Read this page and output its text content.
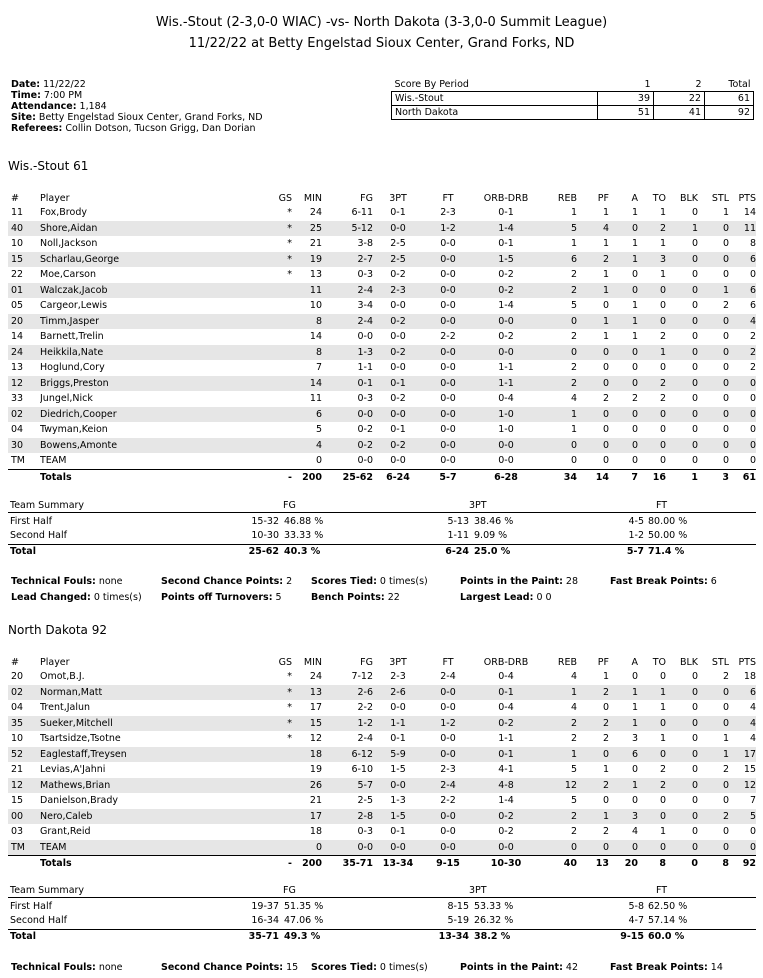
Wis.-Stout (2-3,0-0 WIAC) -vs- North Dakota (3-3,0-0 Summit League)
11/22/22 at Betty Engelstad Sioux Center, Grand Forks, ND
Date: 11/22/22
Time: 7:00 PM
Attendance: 1,184
Site: Betty Engelstad Sioux Center, Grand Forks, ND
Referees: Collin Dotson, Tucson Grigg, Dan Dorian
Score By Period	1	2	Total
Wis.-Stout	39	22	61
North Dakota	51	41	92
Wis.-Stout 61
#	Player	GS	MIN	FG	3PT	FT	ORB-DRB	REB	PF	A	TO	BLK	STL	PTS
11	Fox,Brody	*	24	6-11	0-1	2-3	0-1	1	1	1	1	0	1	14
40	Shore,Aidan	*	25	5-12	0-0	1-2	1-4	5	4	0	2	1	0	11
10	Noll,Jackson	*	21	3-8	2-5	0-0	0-1	1	1	1	1	0	0	8
15	Scharlau,George	*	19	2-7	2-5	0-0	1-5	6	2	1	3	0	0	6
22	Moe,Carson	*	13	0-3	0-2	0-0	0-2	2	1	0	1	0	0	0
01	Walczak,Jacob		11	2-4	2-3	0-0	0-2	2	1	0	0	0	1	6
05	Cargeor,Lewis		10	3-4	0-0	0-0	1-4	5	0	1	0	0	2	6
20	Timm,Jasper		8	2-4	0-2	0-0	0-0	0	1	1	0	0	0	4
14	Barnett,Trelin		14	0-0	0-0	2-2	0-2	2	1	1	2	0	0	2
24	Heikkila,Nate		8	1-3	0-2	0-0	0-0	0	0	0	1	0	0	2
13	Hoglund,Cory		7	1-1	0-0	0-0	1-1	2	0	0	0	0	0	2
12	Briggs,Preston		14	0-1	0-1	0-0	1-1	2	0	0	2	0	0	0
33	Jungel,Nick		11	0-3	0-2	0-0	0-4	4	2	2	2	0	0	0
02	Diedrich,Cooper		6	0-0	0-0	0-0	1-0	1	0	0	0	0	0	0
04	Twyman,Keion		5	0-2	0-1	0-0	1-0	1	0	0	0	0	0	0
30	Bowens,Amonte		4	0-2	0-2	0-0	0-0	0	0	0	0	0	0	0
TM	TEAM		0	0-0	0-0	0-0	0-0	0	0	0	0	0	0	0
	Totals	-	200	25-62	6-24	5-7	6-28	34	14	7	16	1	3	61
Team Summary	FG	3PT	FT
First Half	15-32 46.88 %	5-13 38.46 %	4-5 80.00 %
Second Half	10-30 33.33 %	1-11 9.09 %	1-2 50.00 %
Total	25-62 40.3 %	6-24 25.0 %	5-7 71.4 %
Technical Fouls: none	Second Chance Points: 2 Scores Tied: 0 times(s)	Points in the Paint: 28	Fast Break Points: 6
Lead Changed: 0 times(s) Points off Turnovers: 5	Bench Points: 22	Largest Lead: 0 0
North Dakota 92
#	Player	GS	MIN	FG	3PT	FT	ORB-DRB	REB	PF	A	TO	BLK	STL	PTS
20	Omot,B.J.	*	24	7-12	2-3	2-4	0-4	4	1	0	0	0	2	18
02	Norman,Matt	*	13	2-6	2-6	0-0	0-1	1	2	1	1	0	0	6
04	Trent,Jalun	*	17	2-2	0-0	0-0	0-4	4	0	1	1	0	0	4
35	Sueker,Mitchell	*	15	1-2	1-1	1-2	0-2	2	2	1	0	0	0	4
10	Tsartsidze,Tsotne	*	12	2-4	0-1	0-0	1-1	2	2	3	1	0	1	4
52	Eaglestaff,Treysen		18	6-12	5-9	0-0	0-1	1	0	6	0	0	1	17
21	Levias,A'Jahni		19	6-10	1-5	2-3	4-1	5	1	0	2	0	2	15
12	Mathews,Brian		26	5-7	0-0	2-4	4-8	12	2	1	2	0	0	12
15	Danielson,Brady		21	2-5	1-3	2-2	1-4	5	0	0	0	0	0	7
00	Nero,Caleb		17	2-8	1-5	0-0	0-2	2	1	3	0	0	2	5
03	Grant,Reid		18	0-3	0-1	0-0	0-2	2	2	4	1	0	0	0
TM	TEAM		0	0-0	0-0	0-0	0-0	0	0	0	0	0	0	0
	Totals	-	200	35-71	13-34	9-15	10-30	40	13	20	8	0	8	92
Team Summary	FG	3PT	FT
First Half	19-37 51.35 %	8-15 53.33 %	5-8 62.50 %
Second Half	16-34 47.06 %	5-19 26.32 %	4-7 57.14 %
Total	35-71 49.3 %	13-34 38.2 %	9-15 60.0 %
Technical Fouls: none	Second Chance Points: 15 Scores Tied: 0 times(s)	Points in the Paint: 42	Fast Break Points: 14
